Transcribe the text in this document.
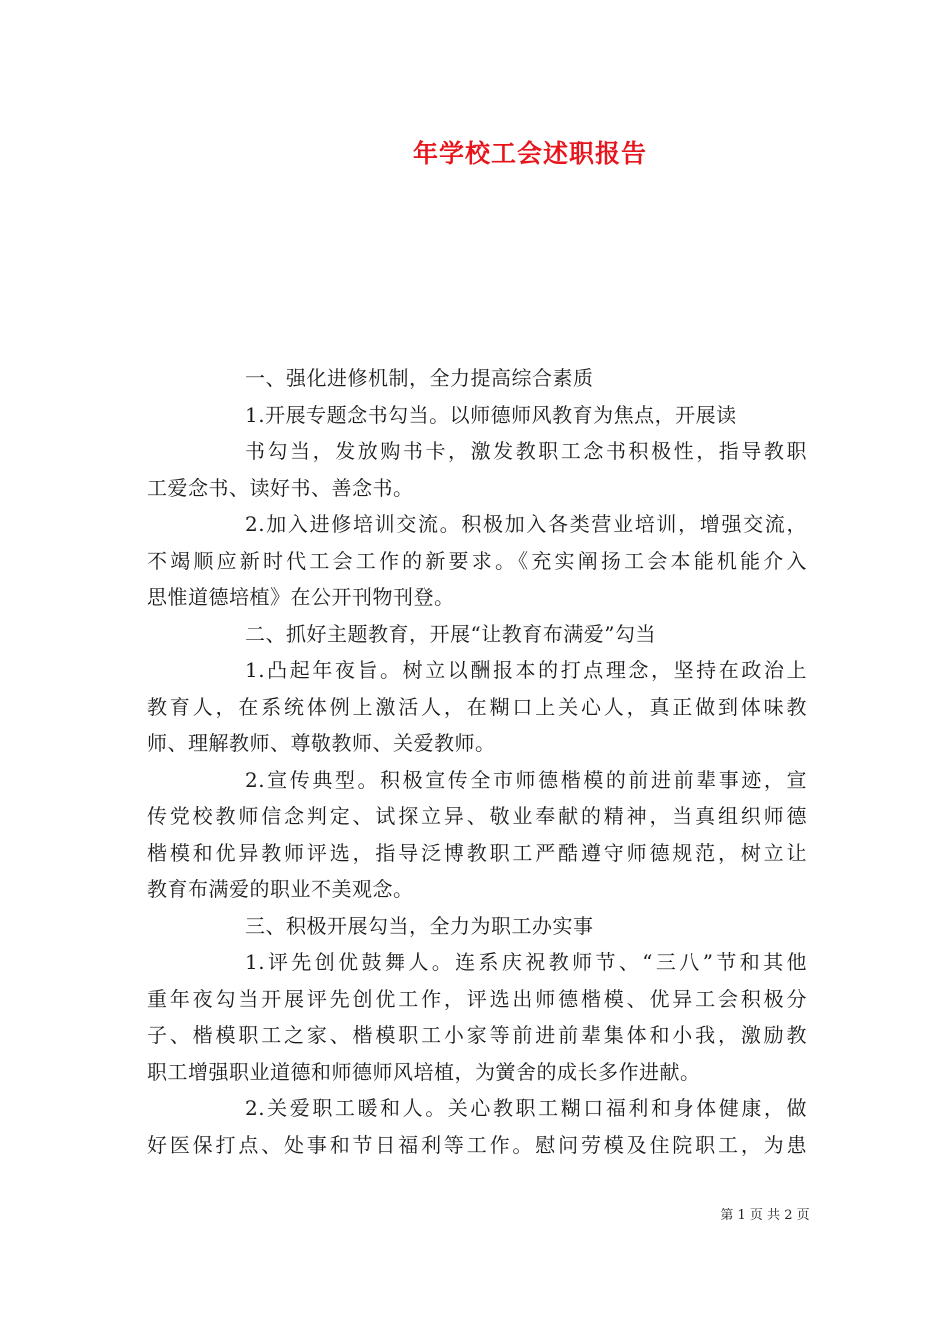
年学校工会述职报告
一、强化进修机制，全力提高综合素质
1.开展专题念书勾当。以师德师风教育为焦点，开展读
书勾当，发放购书卡，激发教职工念书积极性，指导教职
工爱念书、读好书、善念书。
2.加入进修培训交流。积极加入各类营业培训，增强交流，
不竭顺应新时代工会工作的新要求。《充实阐扬工会本能机能介入
思惟道德培植》在公开刊物刊登。
二、抓好主题教育，开展“让教育布满爱”勾当
1.凸起年夜旨。树立以酬报本的打点理念，坚持在政治上
教育人，在系统体例上激活人，在糊口上关心人，真正做到体味教
师、理解教师、尊敬教师、关爱教师。
2.宣传典型。积极宣传全市师德楷模的前进前辈事迹，宣
传党校教师信念判定、试探立异、敬业奉献的精神，当真组织师德
楷模和优异教师评选，指导泛博教职工严酷遵守师德规范，树立让
教育布满爱的职业不美观念。
三、积极开展勾当，全力为职工办实事
1.评先创优鼓舞人。连系庆祝教师节、“三八”节和其他
重年夜勾当开展评先创优工作，评选出师德楷模、优异工会积极分
子、楷模职工之家、楷模职工小家等前进前辈集体和小我，激励教
职工增强职业道德和师德师风培植，为黉舍的成长多作进献。
2.关爱职工暖和人。关心教职工糊口福利和身体健康，做
好医保打点、处事和节日福利等工作。慰问劳模及住院职工，为患
第 1 页 共 2 页
